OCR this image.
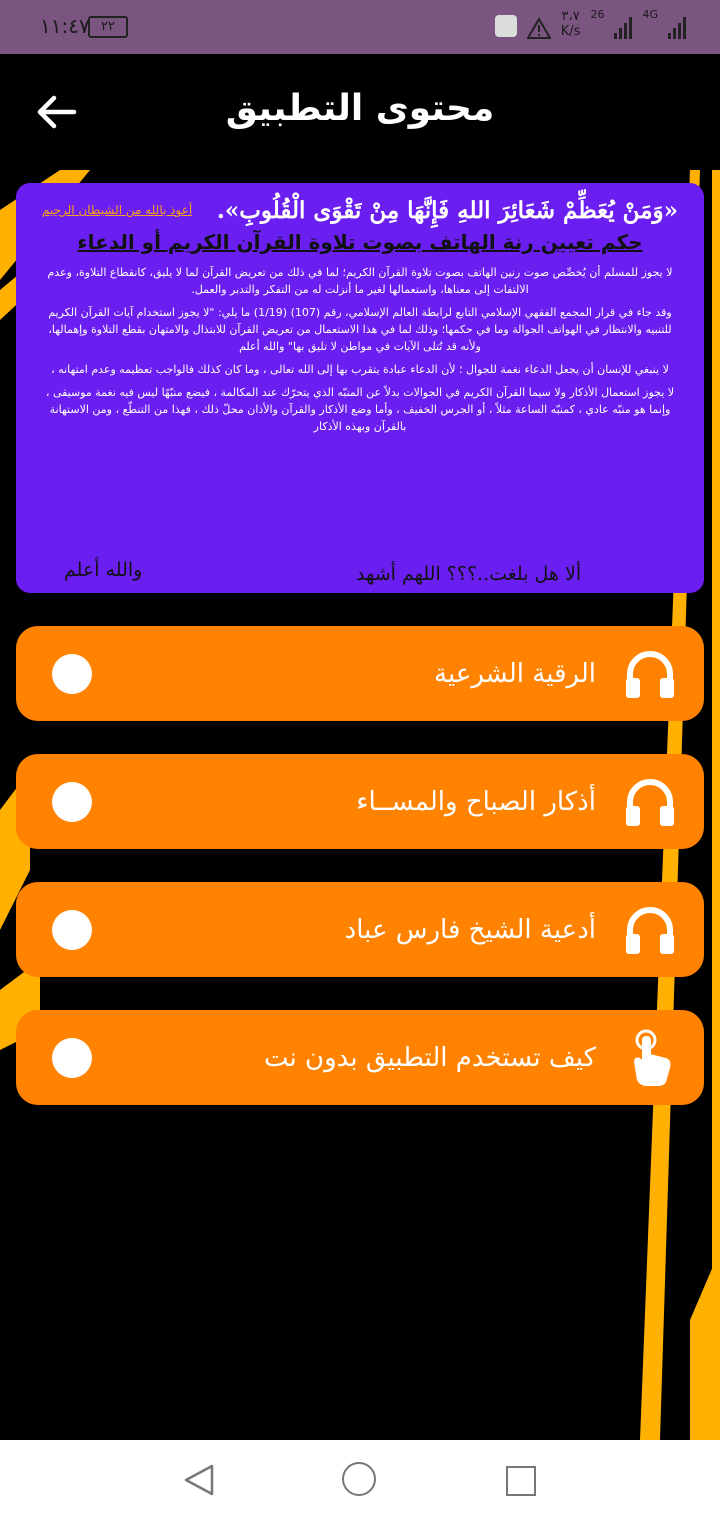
١١:٤٧ ٢٢
٣،٧
K/s
26	4G
محتوى التطبيق
«وَمَنْ يُعَظِّمْ شَعَائِرَ اللهِ فَإِنَّهَا مِنْ تَقْوَى الْقُلُوبِ».
أعوذ بالله من الشيطان الرجيم
حكم تعيين رنة الهاتف بصوت تلاوة القرآن الكريم أو الدعاء

لا يجوز للمسلم أن يُخصِّص صوت رنين الهاتف بصوت تلاوة القرآن الكريم؛ لما في ذلك من تعريض القرآن لما لا يليق، كانقطاع التلاوة، وعدم الالتفات إلى معناها، واستعمالها لغير ما أنزلت له من التفكر والتدبر والعمل.

وقد جاء في قرار المجمع الفقهي الإسلامي التابع لرابطة العالم الإسلامي، رقم (107) (1/19) ما يلي: "لا يجوز استخدام آيات القرآن الكريم للتنبيه والانتظار في الهواتف الجوالة وما في حكمها؛ وذلك لما في هذا الاستعمال من تعريض القرآن للابتذال والامتهان بقطع التلاوة وإهمالها، ولأنه قد تُتلى الآيات في مواطن لا تليق بها" والله أعلم

لا ينبغي للإنسان أن يجعل الدعاء نغمة للجوال ؛ لأن الدعاء عبادة يتقرب بها إلى الله تعالى ، وما كان كذلك فالواجب تعظيمه وعدم امتهانه ،

لا يجوز استعمال الأذكار ولا سيما القرآن الكريم في الجوالات بدلاً عن المنبّه الذي يتحرّك عند المكالمة ، فيضع منبّهًا ليس فيه نغمة موسيقى ، وإنما هو منبّه عادي ، كمنبّه الساعة مثلاً ، أو الجرس الخفيف ، وأما وضع الأذكار والقرآن والأذان محلّ ذلك ، فهذا من التنطّع ، ومن الاستهانة بالقرآن وبهذه الأذكار

والله أعلم	ألا هل بلغت..؟؟؟ اللهم أشهد
الرقية الشرعية
أذكار الصباح والمســاء
أدعية الشيخ فارس عباد
كيف تستخدم التطبيق بدون نت
